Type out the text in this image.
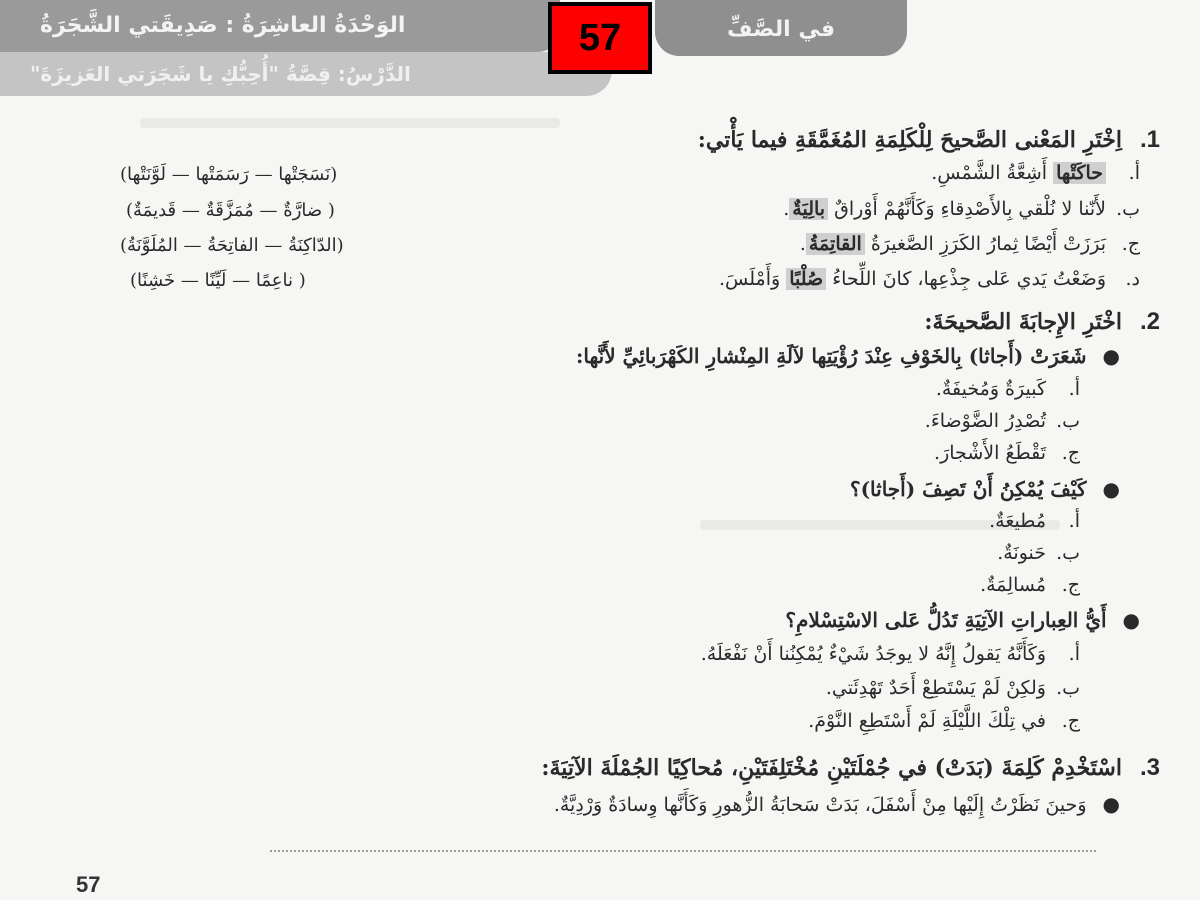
الوَحْدَةُ العاشِرَةُ : صَدِيقَتي الشَّجَرَةُ
الدَّرْسُ: قِصَّةُ "أُحِبُّكِ يا شَجَرَتي العَزيزَةَ"
في الصَّفِّ
57
1.اِخْتَرِ المَعْنى الصَّحيحَ لِلْكَلِمَةِ المُغَمَّقَةِ فيما يَأْتي:
أ.حاكَتْها أَشِعَّةُ الشَّمْسِ.
(نَسَجَتْها — رَسَمَتْها — لَوَّنَتْها)
ب.لأَنّنا لا نُلْقي بِالأَصْدِقاءِ وَكَأَنَّهُمْ أَوْراقٌ بالِيَةٌ.
( ضارَّةٌ — مُمَزَّقَةٌ — قَديمَةٌ)
ج.بَرَزَتْ أَيْضًا ثِمارُ الكَرَزِ الصَّغيرَةُ القاتِمَةُ.
(الدّاكِنَةُ — الفاتِحَةُ — المُلَوَّنَةُ)
د.وَضَعْتُ يَدي عَلى جِذْعِها، كانَ اللِّحاءُ صُلْبًا وَأَمْلَسَ.
( ناعِمًا — لَيِّنًا — خَشِنًا)
2.اخْتَرِ الإِجابَةَ الصَّحيحَةَ:
●شَعَرَتْ (أَجاثا) بِالخَوْفِ عِنْدَ رُؤْيَتِها لآلَةِ المِنْشارِ الكَهْرَبائِيِّ لأَنَّها:
أ.كَبيرَةٌ وَمُخيفَةٌ.
ب.تُصْدِرُ الضَّوْضاءَ.
ج.تَقْطَعُ الأَشْجارَ.
●كَيْفَ يُمْكِنُ أَنْ تَصِفَ (أَجاثا)؟
أ.مُطيعَةٌ.
ب.حَنونَةٌ.
ج.مُسالِمَةٌ.
●أَيُّ العِباراتِ الآتِيَةِ تَدُلُّ عَلى الاسْتِسْلامِ؟
أ.وَكَأَنَّهُ يَقولُ إِنَّهُ لا يوجَدُ شَيْءٌ يُمْكِنُنا أَنْ نَفْعَلَهُ.
ب.وَلكِنْ لَمْ يَسْتَطِعْ أَحَدٌ تَهْدِئَتي.
ج.في تِلْكَ اللَّيْلَةِ لَمْ أَسْتَطِعِ النَّوْمَ.
3.اسْتَخْدِمْ كَلِمَةَ (بَدَتْ) في جُمْلَتَيْنِ مُخْتَلِفَتَيْنِ، مُحاكِيًا الجُمْلَةَ الآتِيَةَ:
●وَحينَ نَظَرْتُ إِلَيْها مِنْ أَسْفَلَ، بَدَتْ سَحابَةُ الزُّهورِ وَكَأَنَّها وِسادَةٌ وَرْدِيَّةٌ.
57
